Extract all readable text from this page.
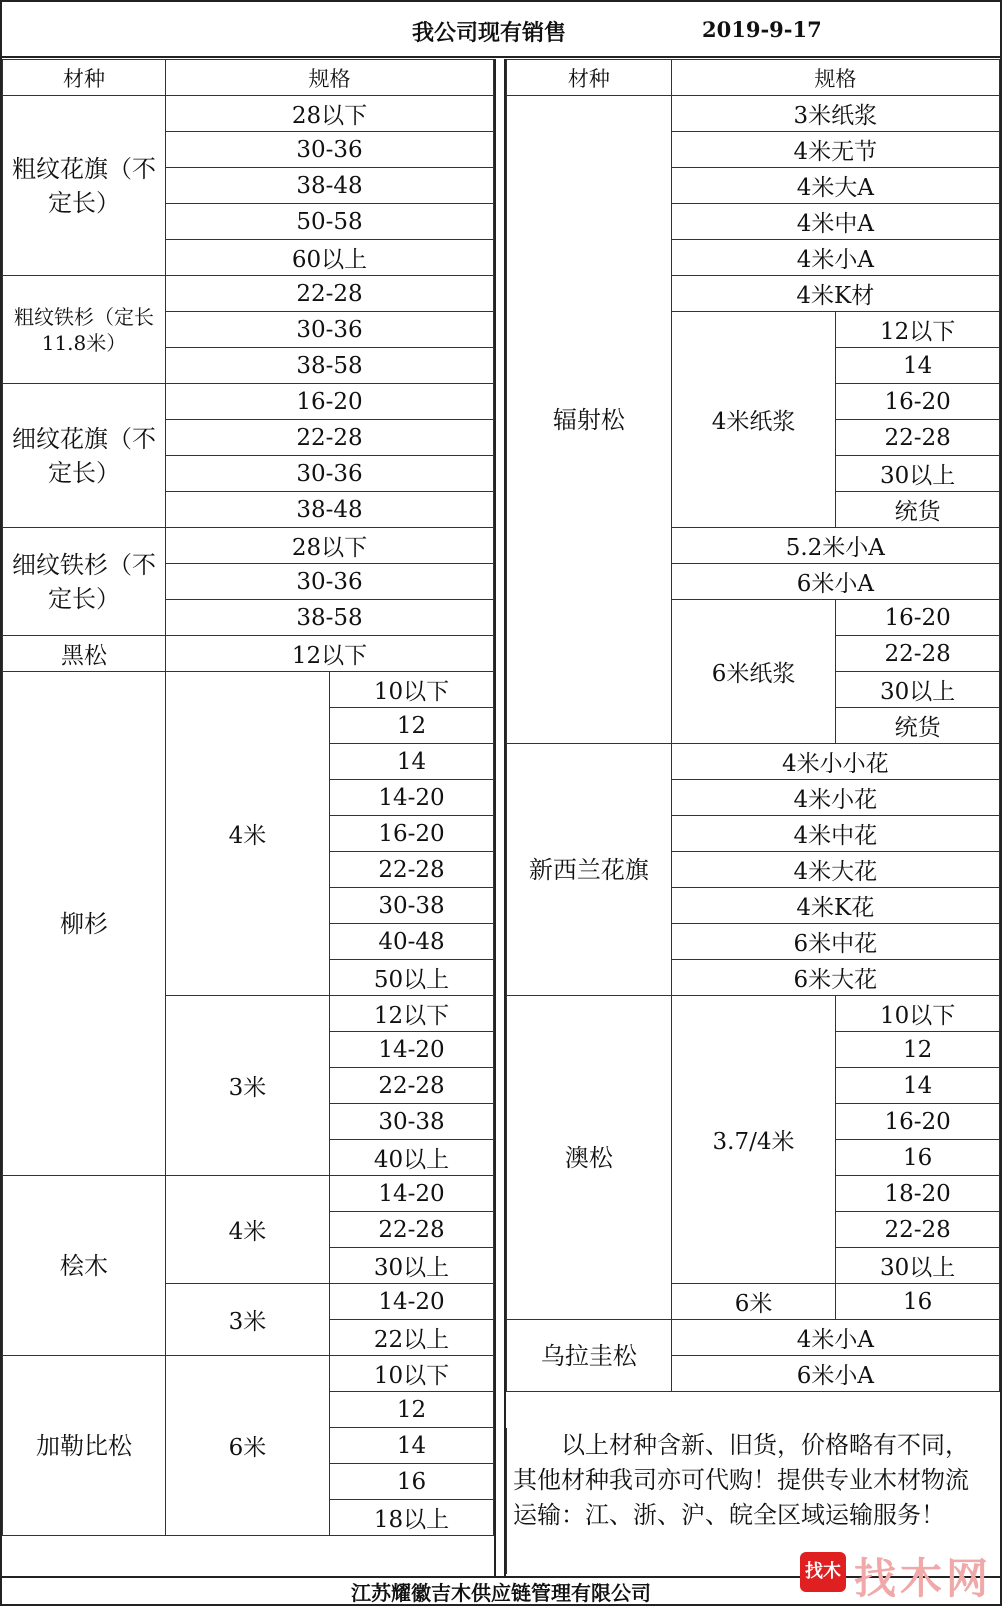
我公司现有销售	2019-9-17
材种	规格	
粗纹花旗（不定长）	28以下	
	30-36	
	38-48	
	50-58	
	60以上	
粗纹铁杉（定长11.8米）	22-28	
	30-36	
	38-58	
细纹花旗（不定长）	16-20	
	22-28	
	30-36	
	38-48	
细纹铁杉（不定长）	28以下	
	30-36	
	38-58	
黑松	12以下	
柳杉	4米	10以下
		12
		14
		14-20
		16-20
		22-28
		30-38
		40-48
		50以上
	3米	12以下
		14-20
		22-28
		30-38
		40以上
桧木	4米	14-20
		22-28
		30以上
	3米	14-20
		22以上
加勒比松	6米	10以下
		12
		14
		16
		18以上
材种	规格	
辐射松	3米纸浆	
	4米无节	
	4米大A	
	4米中A	
	4米小A	
	4米K材	
	4米纸浆	12以下
		14
		16-20
		22-28
		30以上
		统货
	5.2米小A	
	6米小A	
	6米纸浆	16-20
		22-28
		30以上
		统货
新西兰花旗	4米小小花	
	4米小花	
	4米中花	
	4米大花	
	4米K花	
	6米中花	
	6米大花	
澳松	3.7/4米	10以下
		12
		14
		16-20
		16
		18-20
		22-28
		30以上
	6米	16
乌拉圭松	4米小A	
	6米小A	

以上材种含新、旧货，价格略有不同，其他材种我司亦可代购！提供专业木材物流运输：江、浙、沪、皖全区域运输服务！

江苏耀徽吉木供应链管理有限公司
找木 找木网
